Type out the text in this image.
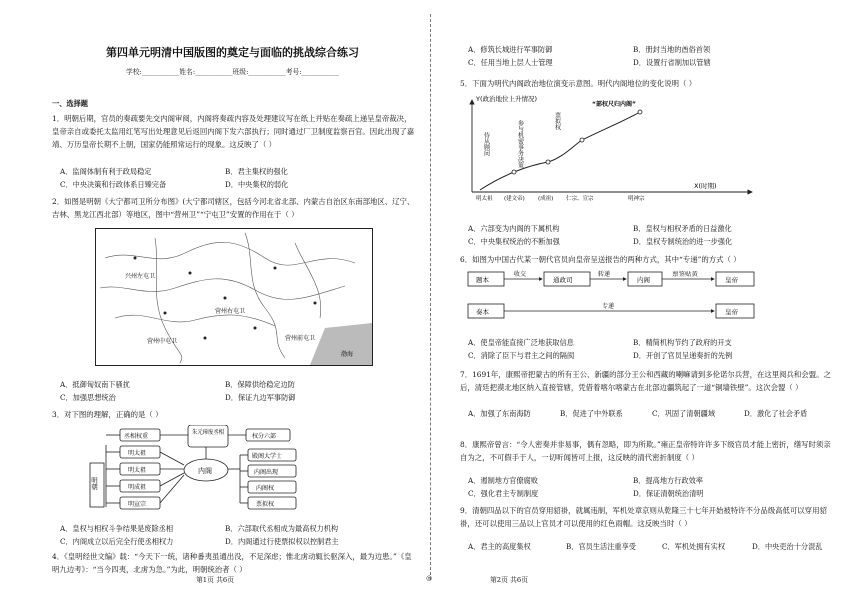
第四单元明清中国版图的奠定与面临的挑战综合练习
学校:___________姓名:___________班级:___________考号:___________
一、选择题
1．明朝后期，官员的奏疏要先交内阁审阅，内阁将奏疏内容及处理建议写在纸上并贴在奏疏上递呈皇帝裁决，皇帝亲自或委托太监用红笔写出处理意见后返回内阁下发六部执行；同时通过厂卫制度监察百官。因此出现了嘉靖、万历皇帝长期不上朝，国家仍能照常运行的现象。这反映了（ ）
A．监阁体制有利于政局稳定	B．君主集权的强化
C．中央决策和行政体系日臻完备	D．中央集权的弱化
2．如图是明朝《大宁都司卫所分布图》(大宁都司辖区，包括今河北省北部、内蒙古自治区东南部地区、辽宁、吉林、黑龙江西北部）等地区，图中“营州卫”“宁屯卫”安置的作用在于（ ）
营州中屯卫
兴州左屯卫
营州前屯卫
营州右屯卫
渤海
A．抵御匈奴南下骚扰	B．保障供给稳定边防
C．加强思想统治	D．保证九边军事防御
3．对下图的理解，正确的是（ ）
明朝
丞相权重
明太祖
明太祖
明成祖
明宣宗
朱元璋废丞相
内阁
权分六部
殿阁大学士
内阁出现
内阁权
票拟权
A．皇权与相权斗争结果是废除丞相	B．六部取代丞相成为最高权力机构
C．内阁成立以后完全行使丞相权力	D．内阁通过行使票拟权以控制君主
4．《皇明经世文编》载：“今天下一统，诸种番夷虽通出没，不足深虑；惟北虏动辄长驱深入，最为边患。”《皇明九边考》：“当今四夷，北虏为急。”为此，明朝统治者（ ）
第1页 共6页
A．修筑长城进行军事防御	B．册封当地的酋俗首领
C．任用当地上层人士管理	D．设置行省制加以管辖
5．下面为明代内阁政治地位演变示意图。明代内阁地位的变化说明（ ）
Y(政治地位上升情况)
X(时期)
侍从顾问	参与机密事务决策	票拟权
“部权尺归内阁”
明太祖 (建文帝) (成祖) 仁宗、宣宗	明神宗
A．六部变为内阁的下属机构	B．皇权与相权矛盾的日益激化
C．中央集权统治的不断加强	D．皇权专制统治的进一步强化
6．如图为中国古代某一朝代官员向皇帝呈送报告的两种方式，其中“专递”的方式（ ）
题本
收交
通政司
转递
内阁
票签贴黄
皇帝
奏本
专递
皇帝
A．使皇帝能直接广泛地获取信息	B．精简机构节约了政府的开支
C．消除了臣下与君主之间的隔阂	D．开创了官员呈递奏折的先例
7．1691年，康熙帝把蒙古的所有王公、新疆的部分王公和西藏的喇嘛请到多伦诺尔兵营，在这里阅兵和会盟。之后，清廷把漠北地区纳入直接管辖，凭借着喀尔喀蒙古在北部边疆筑起了一道“铜墙铁壁”。这次会盟（ ）
A．加强了东南海防	B．促进了中外联系	C．巩固了清朝疆域	D．激化了社会矛盾
8．康熙帝曾言：“令人密奏并非易事，偶有忽略，即为所欺。”雍正皇帝特许许多下级官员才能上密折，缮写时须亲自为之，不可假手于人，一切听闻皆可上报，这反映的清代密折制度（ ）
A．遏制地方官僚腐败	B．提高地方行政效率
C．强化君主专制制度	D．保证清朝统治清明
9．清朝四品以下的官员穿用貂褂，就属违制，军机处章京则从乾隆三十七年开始被特许不分品级高低可以穿用貂褂，还可以使用三品以上官员才可以使用的红色雨帽。这反映当时（ ）
A．君主的高度集权	B．官员生活注重享受	C．军机处拥有实权	D．中央吏治十分混乱
第2页 共6页
◎
